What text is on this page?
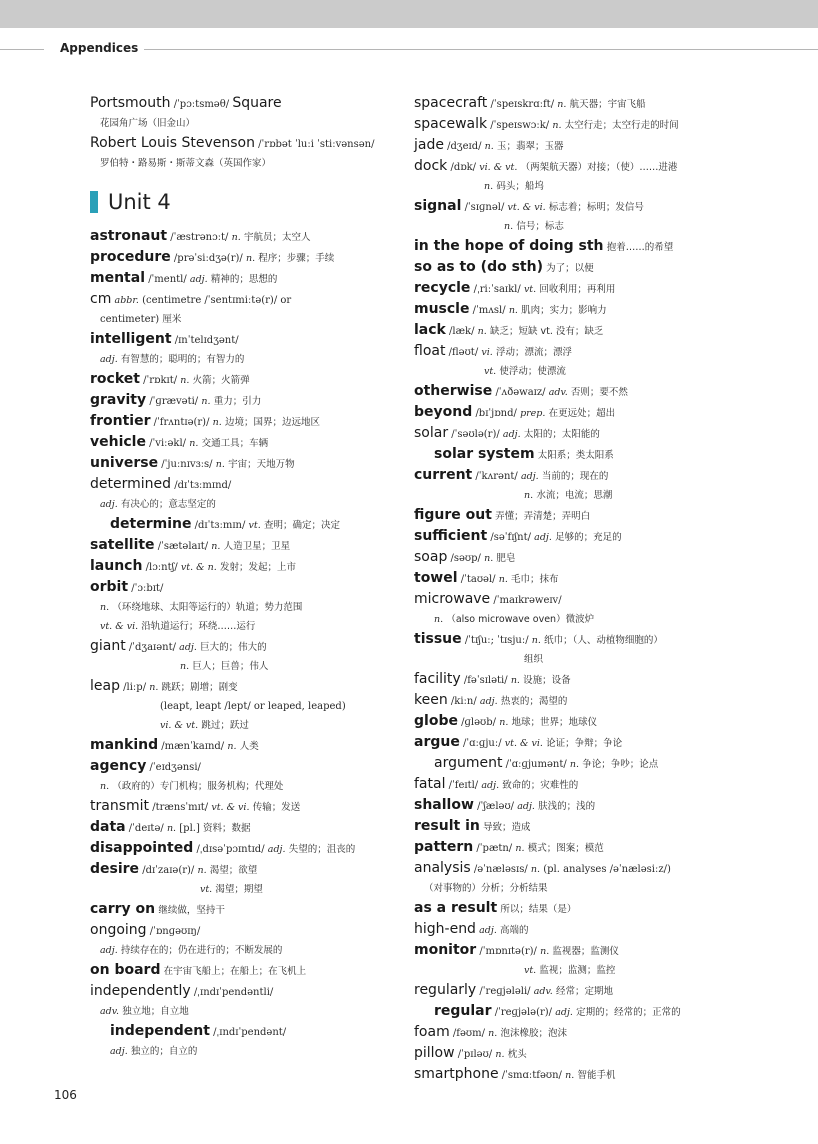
Appendices
Portsmouth /ˈpɔːtsməθ/ Square
花园角广场（旧金山）
Robert Louis Stevenson /ˈrɒbət ˈluːi ˈstiːvənsən/
罗伯特・路易斯・斯蒂文森（英国作家）
Unit 4
astronaut /ˈæstrənɔːt/ n. 宇航员；太空人
procedure /prəˈsiːdʒə(r)/ n. 程序；步骤；手续
mental /ˈmentl/ adj. 精神的；思想的
cm abbr. (centimetre /ˈsentɪmiːtə(r)/ or
centimeter) 厘米
intelligent /ɪnˈtelɪdʒənt/
adj. 有智慧的；聪明的；有智力的
rocket /ˈrɒkɪt/ n. 火箭；火箭弹
gravity /ˈɡrævəti/ n. 重力；引力
frontier /ˈfrʌntɪə(r)/ n. 边境；国界；边远地区
vehicle /ˈviːəkl/ n. 交通工具；车辆
universe /ˈjuːnɪvɜːs/ n. 宇宙；天地万物
determined /dɪˈtɜːmɪnd/
adj. 有决心的；意志坚定的
determine /dɪˈtɜːmɪn/ vt. 查明；确定；决定
satellite /ˈsætəlaɪt/ n. 人造卫星；卫星
launch /lɔːntʃ/ vt. & n. 发射；发起；上市
orbit /ˈɔːbɪt/
n. （环绕地球、太阳等运行的）轨道；势力范围
vt. & vi. 沿轨道运行；环绕……运行
giant /ˈdʒaɪənt/ adj. 巨大的；伟大的
n. 巨人；巨兽；伟人
leap /liːp/ n. 跳跃；剧增；剧变
(leapt, leapt /lept/ or leaped, leaped)
vi. & vt. 跳过；跃过
mankind /mænˈkaɪnd/ n. 人类
agency /ˈeɪdʒənsi/
n. （政府的）专门机构；服务机构；代理处
transmit /trænsˈmɪt/ vt. & vi. 传输；发送
data /ˈdeɪtə/ n. [pl.] 资料；数据
disappointed /ˌdɪsəˈpɔɪntɪd/ adj. 失望的；沮丧的
desire /dɪˈzaɪə(r)/ n. 渴望；欲望
vt. 渴望；期望
carry on 继续做，坚持干
ongoing /ˈɒnɡəʊɪŋ/
adj. 持续存在的；仍在进行的；不断发展的
on board 在宇宙飞船上；在船上；在飞机上
independently /ˌɪndɪˈpendəntli/
adv. 独立地；自立地
independent /ˌɪndɪˈpendənt/
adj. 独立的；自立的
spacecraft /ˈspeɪskrɑːft/ n. 航天器；宇宙飞船
spacewalk /ˈspeɪswɔːk/ n. 太空行走；太空行走的时间
jade /dʒeɪd/ n. 玉；翡翠；玉器
dock /dɒk/ vi. & vt. （两架航天器）对接；（使）……进港
n. 码头；船坞
signal /ˈsɪɡnəl/ vt. & vi. 标志着；标明；发信号
n. 信号；标志
in the hope of doing sth 抱着……的希望
so as to (do sth) 为了；以便
recycle /ˌriːˈsaɪkl/ vt. 回收利用；再利用
muscle /ˈmʌsl/ n. 肌肉；实力；影响力
lack /læk/ n. 缺乏；短缺 vt. 没有；缺乏
float /fləʊt/ vi. 浮动；漂流；漂浮
vt. 使浮动；使漂流
otherwise /ˈʌðəwaɪz/ adv. 否则；要不然
beyond /bɪˈjɒnd/ prep. 在更远处；超出
solar /ˈsəʊlə(r)/ adj. 太阳的；太阳能的
solar system 太阳系；类太阳系
current /ˈkʌrənt/ adj. 当前的；现在的
n. 水流；电流；思潮
figure out 弄懂；弄清楚；弄明白
sufficient /səˈfɪʃnt/ adj. 足够的；充足的
soap /səʊp/ n. 肥皂
towel /ˈtaʊəl/ n. 毛巾；抹布
microwave /ˈmaɪkrəweɪv/
n. （also microwave oven）微波炉
tissue /ˈtɪʃuː; ˈtɪsjuː/ n. 纸巾；（人、动植物细胞的）
组织
facility /fəˈsɪləti/ n. 设施；设备
keen /kiːn/ adj. 热衷的；渴望的
globe /ɡləʊb/ n. 地球；世界；地球仪
argue /ˈɑːɡjuː/ vt. & vi. 论证；争辩；争论
argument /ˈɑːɡjumənt/ n. 争论；争吵；论点
fatal /ˈfeɪtl/ adj. 致命的；灾难性的
shallow /ˈʃæləʊ/ adj. 肤浅的；浅的
result in 导致；造成
pattern /ˈpætn/ n. 模式；图案；模范
analysis /əˈnæləsɪs/ n. (pl. analyses /əˈnæləsiːz/)
（对事物的）分析；分析结果
as a result 所以；结果（是）
high-end adj. 高端的
monitor /ˈmɒnɪtə(r)/ n. 监视器；监测仪
vt. 监视；监测；监控
regularly /ˈreɡjələli/ adv. 经常；定期地
regular /ˈreɡjələ(r)/ adj. 定期的；经常的；正常的
foam /fəʊm/ n. 泡沫橡胶；泡沫
pillow /ˈpɪləʊ/ n. 枕头
smartphone /ˈsmɑːtfəʊn/ n. 智能手机
106
